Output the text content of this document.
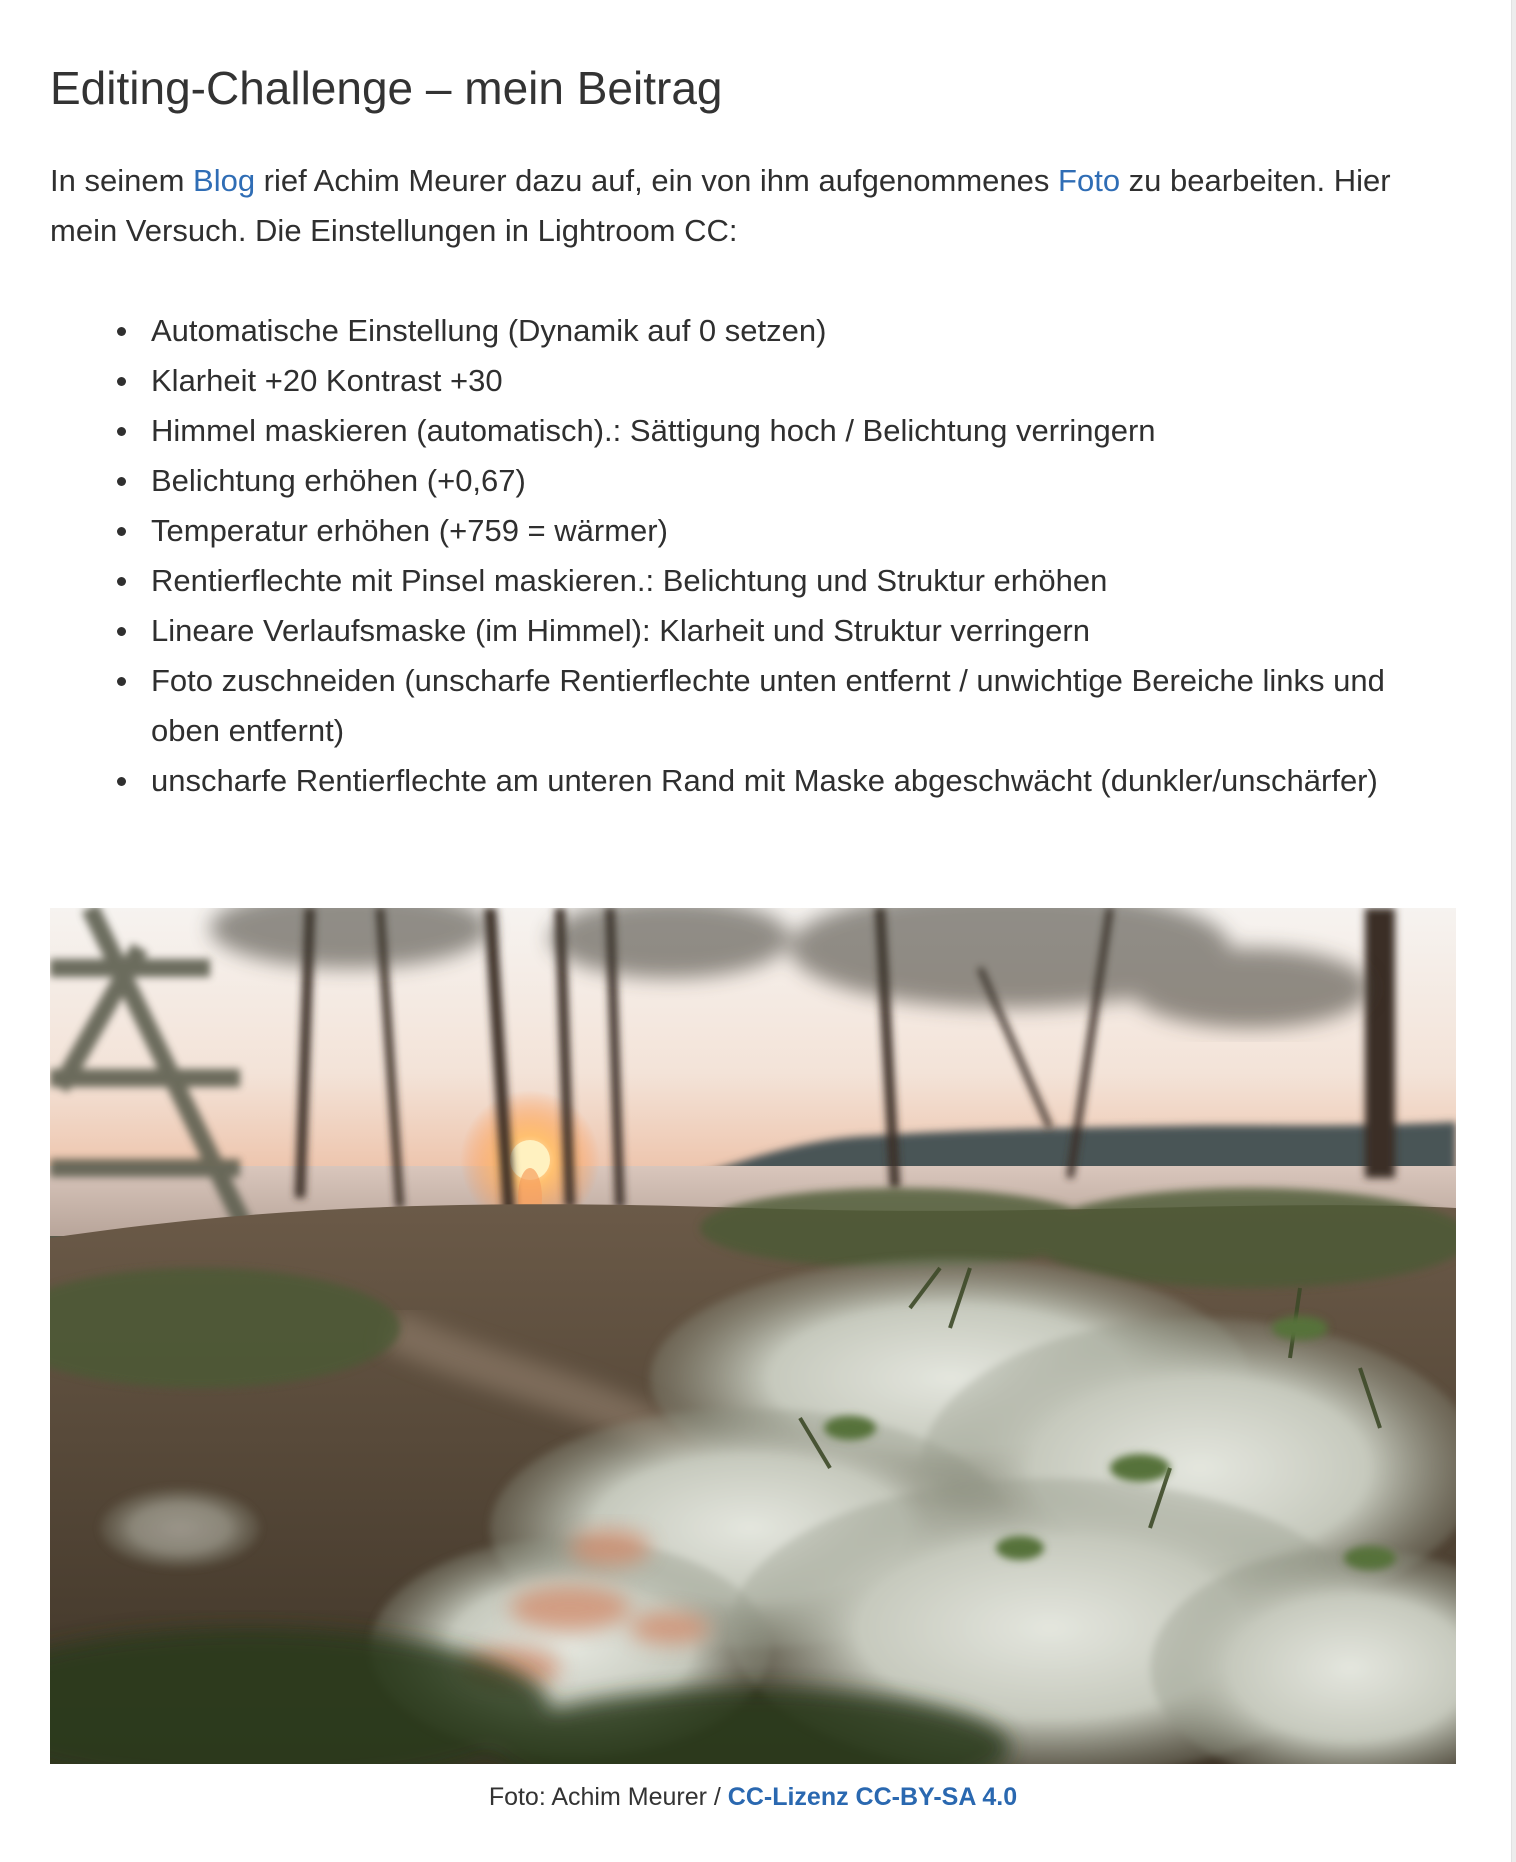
Editing-Challenge – mein Beitrag

In seinem Blog rief Achim Meurer dazu auf, ein von ihm aufgenommenes Foto zu bearbeiten. Hier mein Versuch. Die Einstellungen in Lightroom CC:

Automatische Einstellung (Dynamik auf 0 setzen)
Klarheit +20 Kontrast +30
Himmel maskieren (automatisch).: Sättigung hoch / Belichtung verringern
Belichtung erhöhen (+0,67)
Temperatur erhöhen (+759 = wärmer)
Rentierflechte mit Pinsel maskieren.: Belichtung und Struktur erhöhen
Lineare Verlaufsmaske (im Himmel): Klarheit und Struktur verringern
Foto zuschneiden (unscharfe Rentierflechte unten entfernt / unwichtige Bereiche links und oben entfernt)
unscharfe Rentierflechte am unteren Rand mit Maske abgeschwächt (dunkler/unschärfer)
Foto: Achim Meurer / CC-Lizenz CC-BY-SA 4.0
